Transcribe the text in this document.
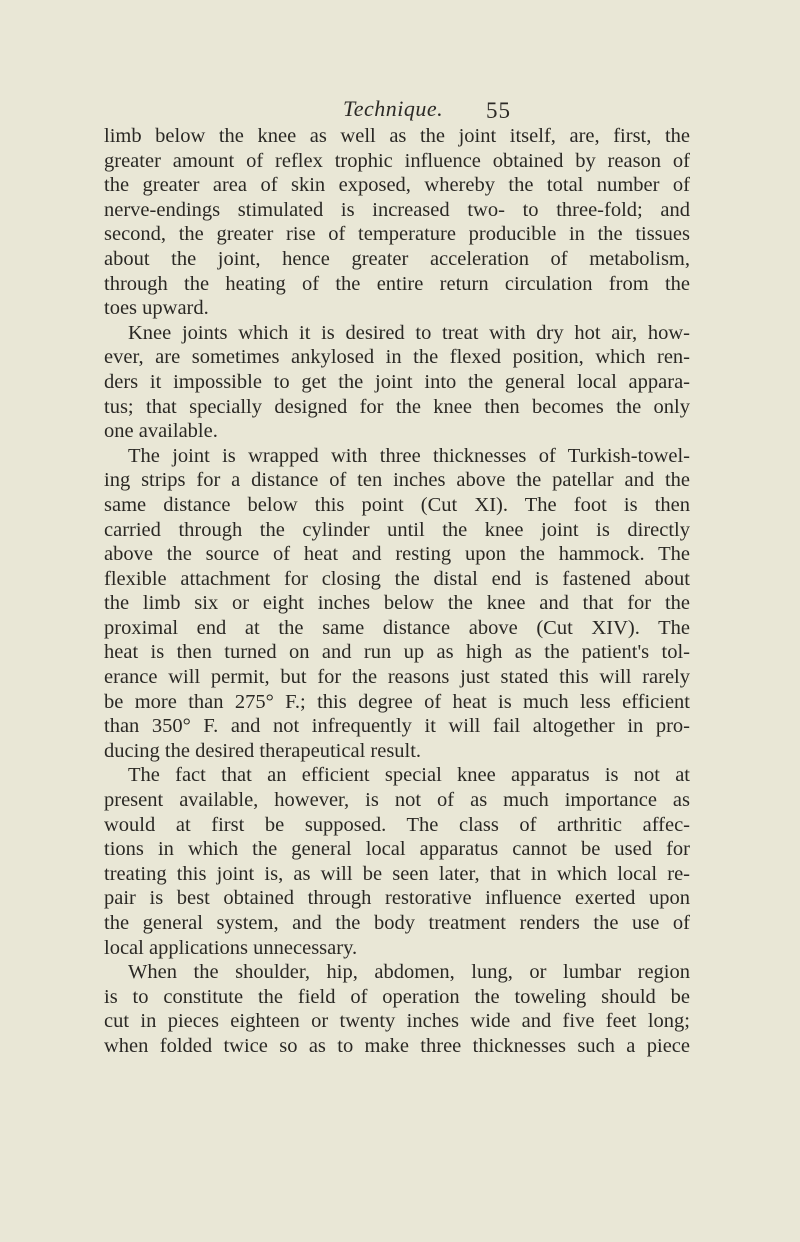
Technique. 55
limb below the knee as well as the joint itself, are, first, the
greater amount of reflex trophic influence obtained by reason of
the greater area of skin exposed, whereby the total number of
nerve-endings stimulated is increased two- to three-fold; and
second, the greater rise of temperature producible in the tissues
about the joint, hence greater acceleration of metabolism,
through the heating of the entire return circulation from the
toes upward.
Knee joints which it is desired to treat with dry hot air, how-
ever, are sometimes ankylosed in the flexed position, which ren-
ders it impossible to get the joint into the general local appara-
tus; that specially designed for the knee then becomes the only
one available.
The joint is wrapped with three thicknesses of Turkish-towel-
ing strips for a distance of ten inches above the patellar and the
same distance below this point (Cut XI). The foot is then
carried through the cylinder until the knee joint is directly
above the source of heat and resting upon the hammock. The
flexible attachment for closing the distal end is fastened about
the limb six or eight inches below the knee and that for the
proximal end at the same distance above (Cut XIV). The
heat is then turned on and run up as high as the patient's tol-
erance will permit, but for the reasons just stated this will rarely
be more than 275° F.; this degree of heat is much less efficient
than 350° F. and not infrequently it will fail altogether in pro-
ducing the desired therapeutical result.
The fact that an efficient special knee apparatus is not at
present available, however, is not of as much importance as
would at first be supposed. The class of arthritic affec-
tions in which the general local apparatus cannot be used for
treating this joint is, as will be seen later, that in which local re-
pair is best obtained through restorative influence exerted upon
the general system, and the body treatment renders the use of
local applications unnecessary.
When the shoulder, hip, abdomen, lung, or lumbar region
is to constitute the field of operation the toweling should be
cut in pieces eighteen or twenty inches wide and five feet long;
when folded twice so as to make three thicknesses such a piece
